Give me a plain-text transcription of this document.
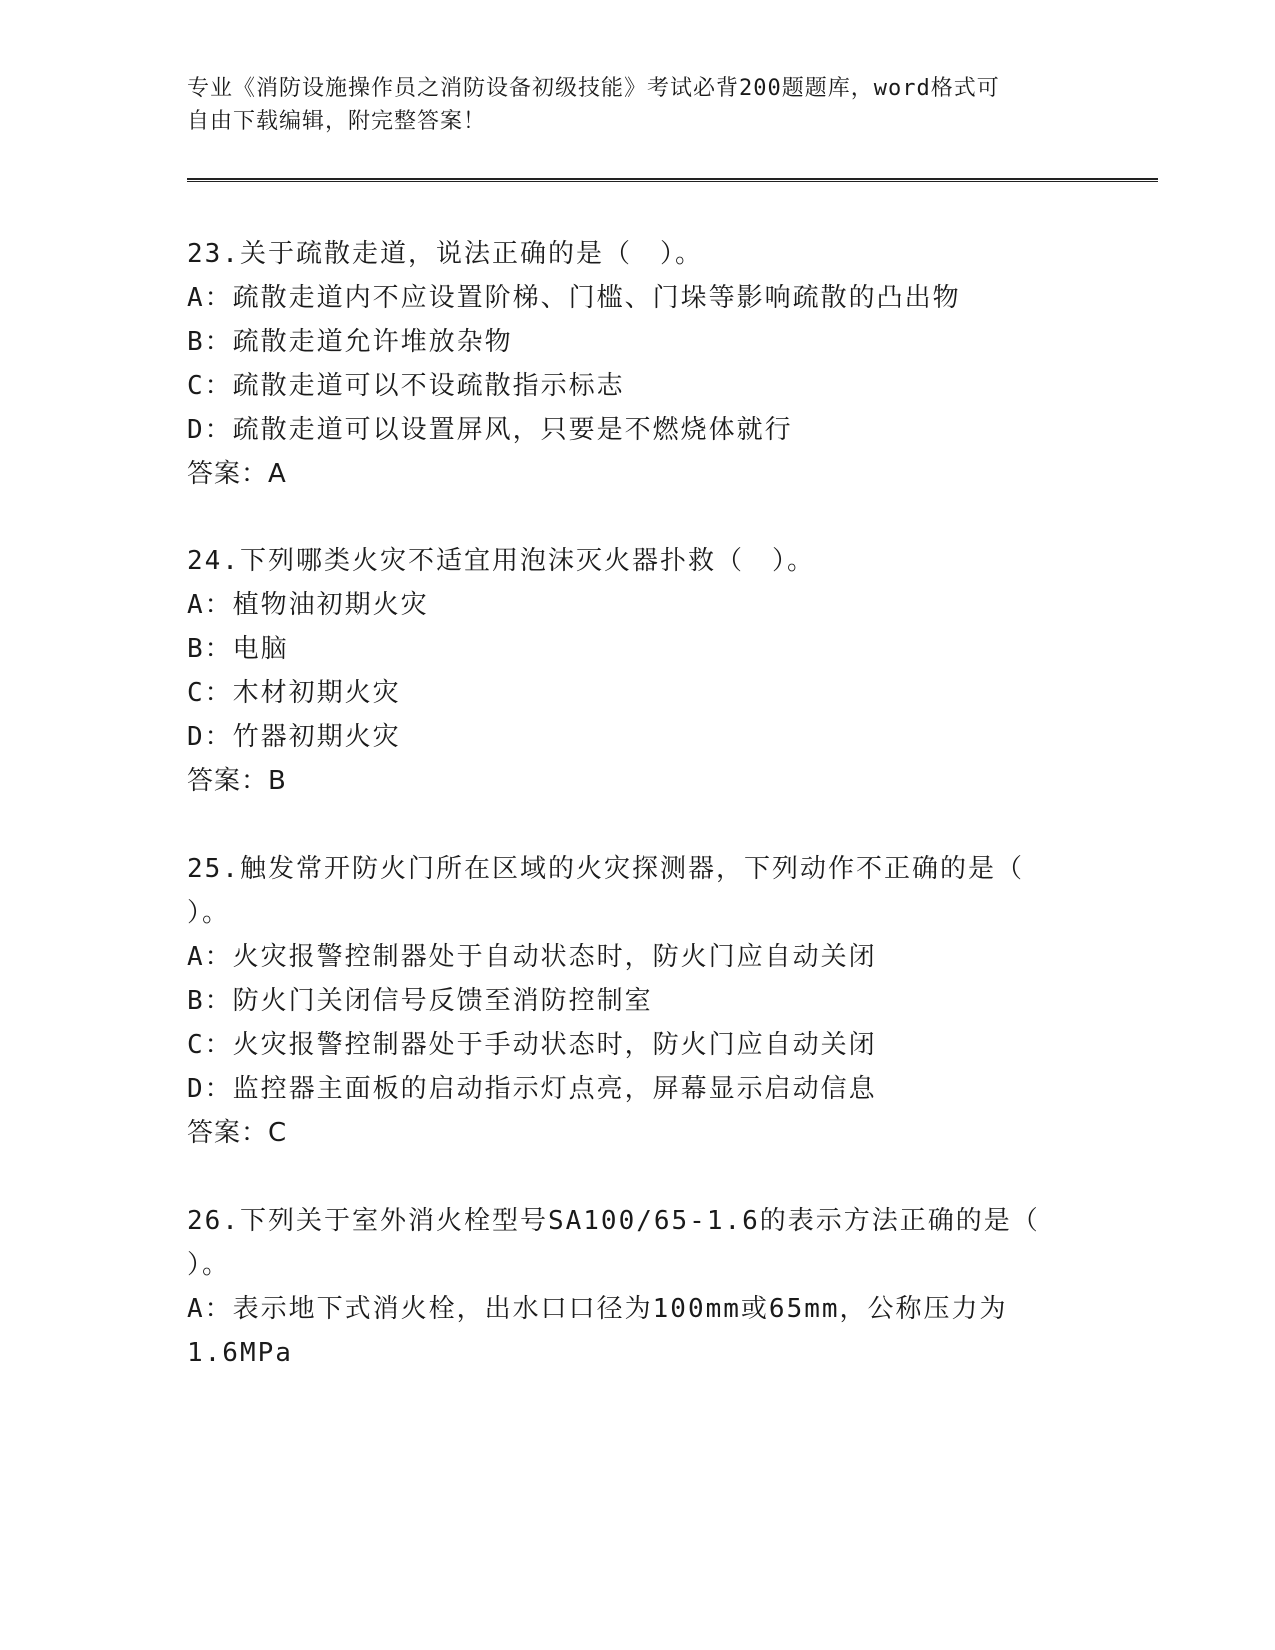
专业《消防设施操作员之消防设备初级技能》考试必背200题题库，word格式可
自由下载编辑，附完整答案！
23.关于疏散走道，说法正确的是（　）。
A：疏散走道内不应设置阶梯、门槛、门垛等影响疏散的凸出物
B：疏散走道允许堆放杂物
C：疏散走道可以不设疏散指示标志
D：疏散走道可以设置屏风，只要是不燃烧体就行
答案：A
24.下列哪类火灾不适宜用泡沫灭火器扑救（　）。
A：植物油初期火灾
B：电脑
C：木材初期火灾
D：竹器初期火灾
答案：B
25.触发常开防火门所在区域的火灾探测器，下列动作不正确的是（
）。
A：火灾报警控制器处于自动状态时，防火门应自动关闭
B：防火门关闭信号反馈至消防控制室
C：火灾报警控制器处于手动状态时，防火门应自动关闭
D：监控器主面板的启动指示灯点亮，屏幕显示启动信息
答案：C
26.下列关于室外消火栓型号SA100/65-1.6的表示方法正确的是（
）。
A：表示地下式消火栓，出水口口径为100mm或65mm，公称压力为
1.6MPa
